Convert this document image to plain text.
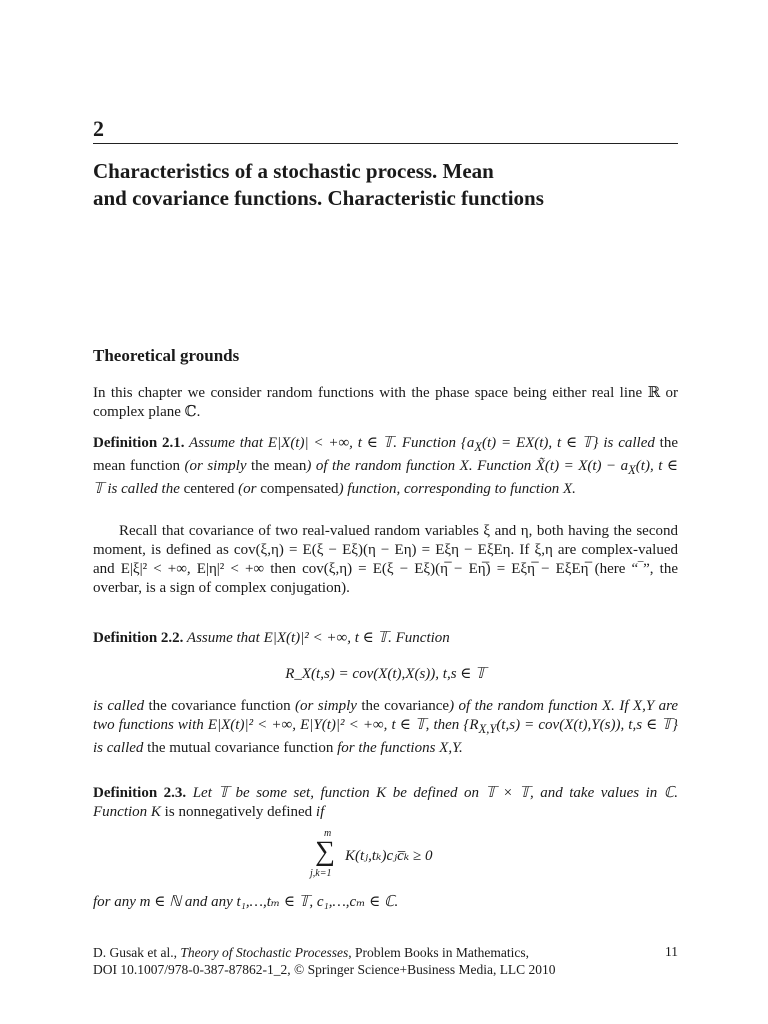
2
Characteristics of a stochastic process. Mean
and covariance functions. Characteristic functions
Theoretical grounds
In this chapter we consider random functions with the phase space being either real line ℝ or complex plane ℂ.
Definition 2.1. Assume that E|X(t)| < +∞, t ∈ 𝕋. Function {$a_X(t) = EX(t)$, t ∈ 𝕋} is called the mean function (or simply the mean) of the random function X. Function X̃(t) = $X(t) - a_X(t)$, t ∈ 𝕋 is called the centered (or compensated) function, corresponding to function X.
Recall that covariance of two real-valued random variables ξ and η, both having the second moment, is defined as cov(ξ,η) = E(ξ − Eξ)(η − Eη) = Eξη − EξEη. If ξ,η are complex-valued and E|ξ|² < +∞, E|η|² < +∞ then cov(ξ,η) = E(ξ − Eξ)(η̅ − Eη̅) = Eξη̅ − EξEη̅ (here “‾”, the overbar, is a sign of complex conjugation).
Definition 2.2. Assume that E|X(t)|² < +∞, t ∈ 𝕋. Function
R_X(t,s) = cov(X(t),X(s)), t,s ∈ 𝕋
is called the covariance function (or simply the covariance) of the random function X. If X,Y are two functions with E|X(t)|² < +∞, E|Y(t)|² < +∞, t ∈ 𝕋, then {$R_{X,Y}(t,s) = cov(X(t),Y(s))$, t,s ∈ 𝕋} is called the mutual covariance function for the functions X,Y.
Definition 2.3. Let 𝕋 be some set, function K be defined on 𝕋 × 𝕋, and take values in ℂ. Function K is nonnegatively defined if
m
∑
j,k=1
K(tⱼ,tₖ)cⱼc̅ₖ ≥ 0
for any m ∈ ℕ and any t₁,…,tₘ ∈ 𝕋, c₁,…,cₘ ∈ ℂ.
D. Gusak et al., Theory of Stochastic Processes, Problem Books in Mathematics,
DOI 10.1007/978-0-387-87862-1_2, © Springer Science+Business Media, LLC 2010
11
